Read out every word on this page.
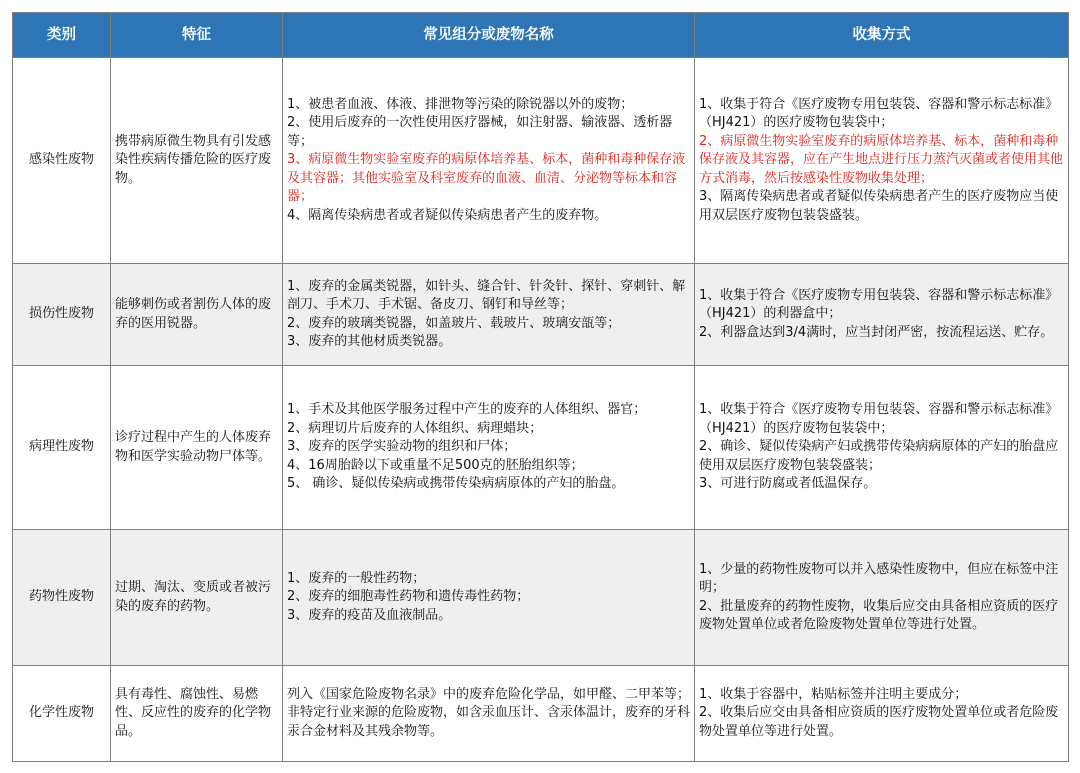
类别	特征	常见组分或废物名称	收集方式
感染性废物	携带病原微生物具有引发感染性疾病传播危险的医疗废物。	1、被患者血液、体液、排泄物等污染的除锐器以外的废物；
2、使用后废弃的一次性使用医疗器械，如注射器、输液器、透析器等；
3、病原微生物实验室废弃的病原体培养基、标本，菌种和毒种保存液及其容器；其他实验室及科室废弃的血液、血清、分泌物等标本和容器；
4、隔离传染病患者或者疑似传染病患者产生的废弃物。	1、收集于符合《医疗废物专用包装袋、容器和警示标志标准》（HJ421）的医疗废物包装袋中；
2、病原微生物实验室废弃的病原体培养基、标本，菌种和毒种保存液及其容器，应在产生地点进行压力蒸汽灭菌或者使用其他方式消毒，然后按感染性废物收集处理；
3、隔离传染病患者或者疑似传染病患者产生的医疗废物应当使用双层医疗废物包装袋盛装。

损伤性废物	能够刺伤或者割伤人体的废弃的医用锐器。	1、废弃的金属类锐器，如针头、缝合针、针灸针、探针、穿刺针、解剖刀、手术刀、手术锯、备皮刀、钢钉和导丝等；
2、废弃的玻璃类锐器，如盖玻片、载玻片、玻璃安瓿等；
3、废弃的其他材质类锐器。	1、收集于符合《医疗废物专用包装袋、容器和警示标志标准》（HJ421）的利器盒中；
2、利器盒达到3/4满时，应当封闭严密，按流程运送、贮存。

病理性废物	诊疗过程中产生的人体废弃物和医学实验动物尸体等。	1、手术及其他医学服务过程中产生的废弃的人体组织、器官；
2、病理切片后废弃的人体组织、病理蜡块；
3、废弃的医学实验动物的组织和尸体；
4、16周胎龄以下或重量不足500克的胚胎组织等；
5、 确诊、疑似传染病或携带传染病病原体的产妇的胎盘。	1、收集于符合《医疗废物专用包装袋、容器和警示标志标准》（HJ421）的医疗废物包装袋中；
2、确诊、疑似传染病产妇或携带传染病病原体的产妇的胎盘应使用双层医疗废物包装袋盛装；
3、可进行防腐或者低温保存。

药物性废物	过期、淘汰、变质或者被污染的废弃的药物。	1、废弃的一般性药物；
2、废弃的细胞毒性药物和遗传毒性药物；
3、废弃的疫苗及血液制品。	1、少量的药物性废物可以并入感染性废物中，但应在标签中注明；
2、批量废弃的药物性废物，收集后应交由具备相应资质的医疗废物处置单位或者危险废物处置单位等进行处置。

化学性废物	具有毒性、腐蚀性、易燃性、反应性的废弃的化学物品。	列入《国家危险废物名录》中的废弃危险化学品，如甲醛、二甲苯等；非特定行业来源的危险废物，如含汞血压计、含汞体温计，废弃的牙科汞合金材料及其残余物等。	1、收集于容器中，粘贴标签并注明主要成分；
2、收集后应交由具备相应资质的医疗废物处置单位或者危险废物处置单位等进行处置。
